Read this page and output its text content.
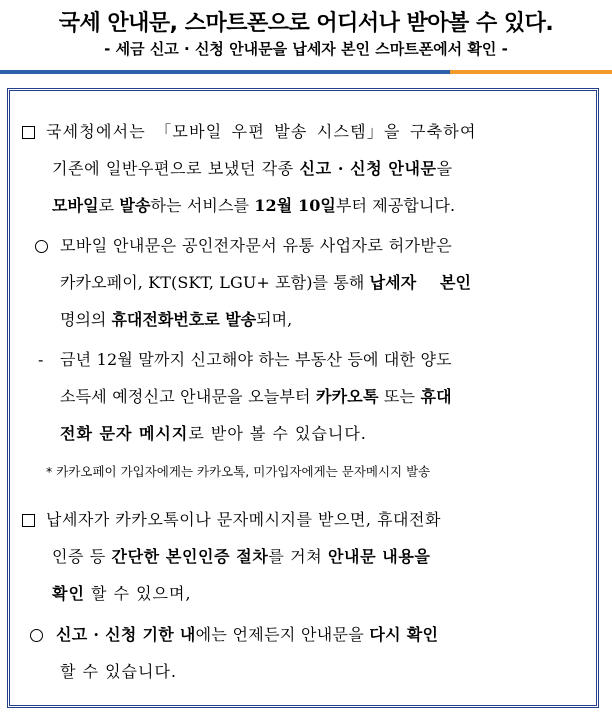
국세 안내문, 스마트폰으로 어디서나 받아볼 수 있다.
- 세금 신고 · 신청 안내문을 납세자 본인 스마트폰에서 확인 -
국세청에서는 「모바일 우편 발송 시스템」을 구축하여
기존에 일반우편으로 보냈던 각종 신고 · 신청 안내문을
모바일로 발송하는 서비스를 12월 10일부터 제공합니다.
모바일 안내문은 공인전자문서 유통 사업자로 허가받은
카카오페이, KT(SKT, LGU+ 포함)를 통해 납세자 본인
명의의 휴대전화번호로 발송되며,
- 금년 12월 말까지 신고해야 하는 부동산 등에 대한 양도
소득세 예정신고 안내문을 오늘부터 카카오톡 또는 휴대
전화 문자 메시지로 받아 볼 수 있습니다.
* 카카오페이 가입자에게는 카카오톡, 미가입자에게는 문자메시지 발송
납세자가 카카오톡이나 문자메시지를 받으면, 휴대전화
인증 등 간단한 본인인증 절차를 거쳐 안내문 내용을
확인 할 수 있으며,
신고 · 신청 기한 내에는 언제든지 안내문을 다시 확인
할 수 있습니다.
